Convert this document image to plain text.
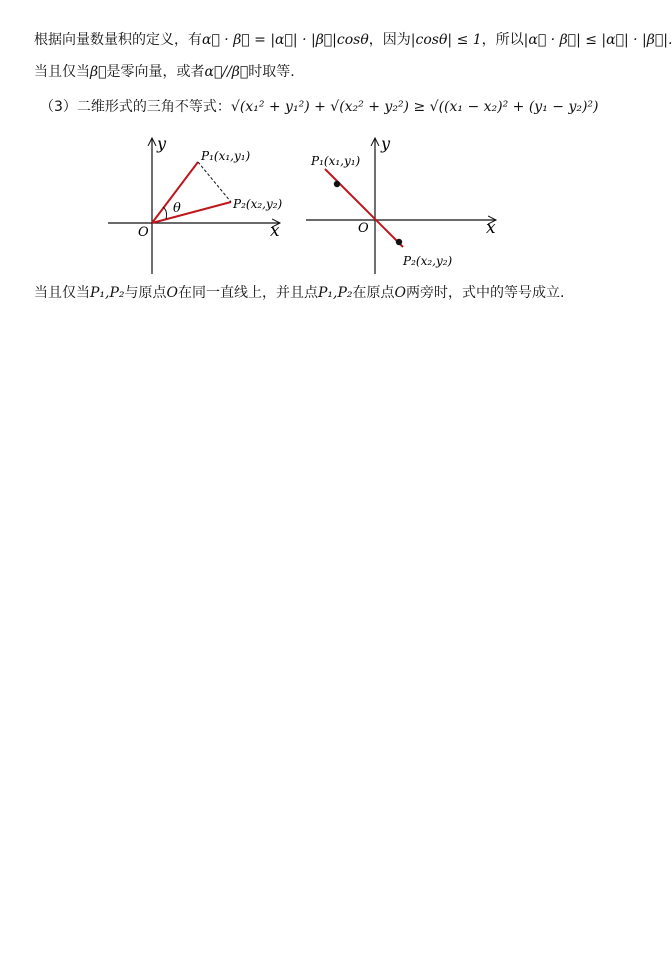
根据向量数量积的定义，有α⃗ · β⃗ = |α⃗| · |β⃗|cosθ，因为|cosθ| ≤ 1，所以|α⃗ · β⃗| ≤ |α⃗| · |β⃗|.
当且仅当β⃗是零向量，或者α⃗//β⃗时取等.
（3）二维形式的三角不等式：√(x₁² + y₁²) + √(x₂² + y₂²) ≥ √((x₁ − x₂)² + (y₁ − y₂)²)
y
x
O
θ
P₁(x₁,y₁)
P₂(x₂,y₂)
y
x
O
P₁(x₁,y₁)
P₂(x₂,y₂)
当且仅当P₁,P₂与原点O在同一直线上，并且点P₁,P₂在原点O两旁时，式中的等号成立.
